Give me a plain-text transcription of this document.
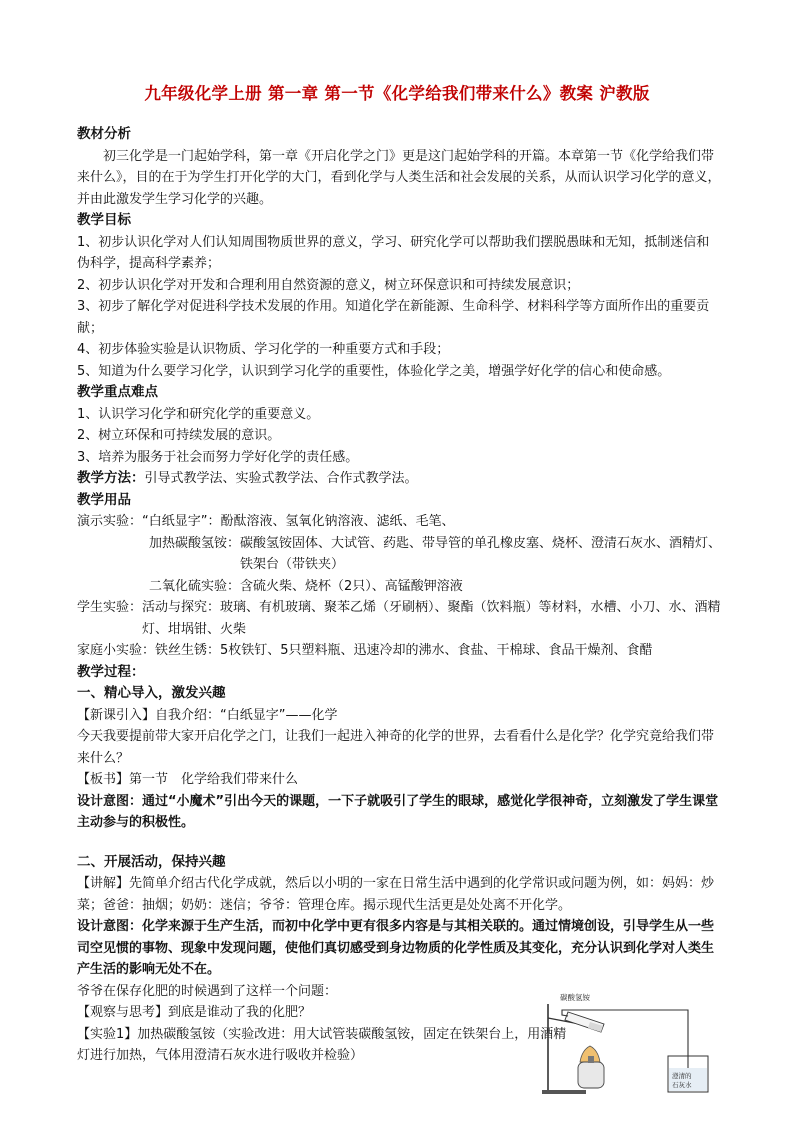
九年级化学上册 第一章 第一节《化学给我们带来什么》教案 沪教版

教材分析

初三化学是一门起始学科，第一章《开启化学之门》更是这门起始学科的开篇。本章第一节《化学给我们带来什么》，目的在于为学生打开化学的大门，看到化学与人类生活和社会发展的关系，从而认识学习化学的意义，并由此激发学生学习化学的兴趣。

教学目标

1、初步认识化学对人们认知周围物质世界的意义，学习、研究化学可以帮助我们摆脱愚昧和无知，抵制迷信和伪科学，提高科学素养；

2、初步认识化学对开发和合理利用自然资源的意义，树立环保意识和可持续发展意识；

3、初步了解化学对促进科学技术发展的作用。知道化学在新能源、生命科学、材料科学等方面所作出的重要贡献；

4、初步体验实验是认识物质、学习化学的一种重要方式和手段；

5、知道为什么要学习化学，认识到学习化学的重要性，体验化学之美，增强学好化学的信心和使命感。

教学重点难点

1、认识学习化学和研究化学的重要意义。

2、树立环保和可持续发展的意识。

3、培养为服务于社会而努力学好化学的责任感。

教学方法：引导式教学法、实验式教学法、合作式教学法。

教学用品

演示实验： “白纸显字”：酚酞溶液、氢氧化钠溶液、滤纸、毛笔、
加热碳酸氢铵： 碳酸氢铵固体、大试管、药匙、带导管的单孔橡皮塞、烧杯、澄清石灰水、酒精灯、铁架台（带铁夹）

二氧化硫实验：含硫火柴、烧杯（2只）、高锰酸钾溶液

学生实验： 活动与探究：玻璃、有机玻璃、聚苯乙烯（牙刷柄）、聚酯（饮料瓶）等材料，水槽、小刀、水、酒精灯、坩埚钳、火柴
家庭小实验： 铁丝生锈：5枚铁钉、5只塑料瓶、迅速冷却的沸水、食盐、干棉球、食品干燥剂、食醋

教学过程：

一、精心导入，激发兴趣

【新课引入】自我介绍：“白纸显字”——化学

今天我要提前带大家开启化学之门，让我们一起进入神奇的化学的世界，去看看什么是化学？化学究竟给我们带来什么？

【板书】第一节　化学给我们带来什么

设计意图：通过“小魔术”引出今天的课题，一下子就吸引了学生的眼球，感觉化学很神奇，立刻激发了学生课堂主动参与的积极性。

二、开展活动，保持兴趣

【讲解】先简单介绍古代化学成就，然后以小明的一家在日常生活中遇到的化学常识或问题为例，如：妈妈：炒菜；爸爸：抽烟；奶奶：迷信；爷爷：管理仓库。揭示现代生活更是处处离不开化学。

设计意图：化学来源于生产生活，而初中化学中更有很多内容是与其相关联的。通过情境创设，引导学生从一些司空见惯的事物、现象中发现问题，使他们真切感受到身边物质的化学性质及其变化，充分认识到化学对人类生产生活的影响无处不在。

爷爷在保存化肥的时候遇到了这样一个问题：

【观察与思考】到底是谁动了我的化肥？

【实验1】加热碳酸氢铵（实验改进：用大试管装碳酸氢铵，固定在铁架台上，用酒精灯进行加热，气体用澄清石灰水进行吸收并检验）

碳酸氢铵
澄清的
石灰水
